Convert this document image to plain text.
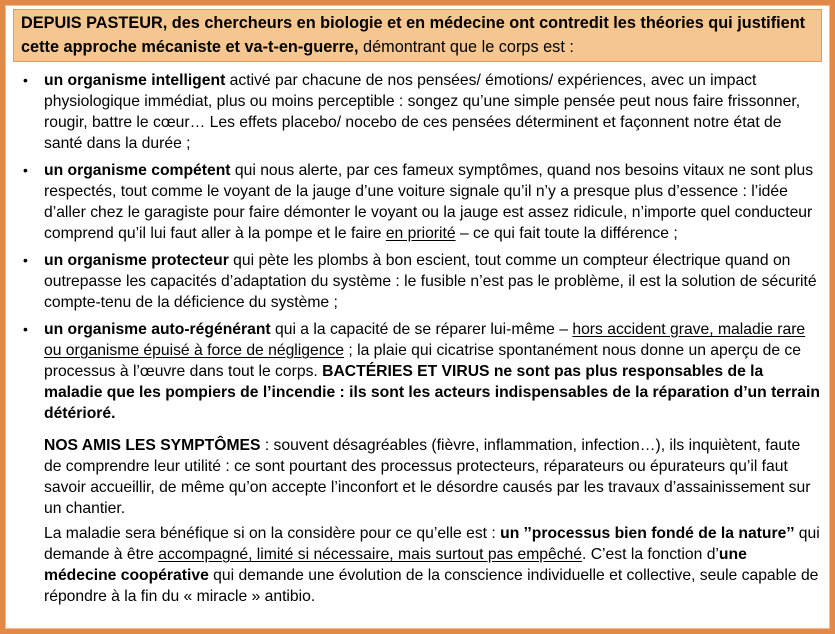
DEPUIS PASTEUR, des chercheurs en biologie et en médecine ont contredit les théories qui justifient cette approche mécaniste et va-t-en-guerre, démontrant que le corps est :

•	un organisme intelligent activé par chacune de nos pensées/ émotions/ expériences, avec un impact physiologique immédiat, plus ou moins perceptible : songez qu’une simple pensée peut nous faire frissonner, rougir, battre le cœur… Les effets placebo/ nocebo de ces pensées déterminent et façonnent notre état de santé dans la durée ;

•	un organisme compétent qui nous alerte, par ces fameux symptômes, quand nos besoins vitaux ne sont plus respectés, tout comme le voyant de la jauge d’une voiture signale qu’il n’y a presque plus d’essence : l’idée d’aller chez le garagiste pour faire démonter le voyant ou la jauge est assez ridicule, n’importe quel conducteur comprend qu’il lui faut aller à la pompe et le faire en priorité – ce qui fait toute la différence ;

•	un organisme protecteur qui pète les plombs à bon escient, tout comme un compteur électrique quand on outrepasse les capacités d’adaptation du système : le fusible n’est pas le problème, il est la solution de sécurité compte-tenu de la déficience du système ;

•	un organisme auto-régénérant qui a la capacité de se réparer lui-même – hors accident grave, maladie rare ou organisme épuisé à force de négligence ; la plaie qui cicatrise spontanément nous donne un aperçu de ce processus à l’œuvre dans tout le corps. BACTÉRIES ET VIRUS ne sont pas plus responsables de la maladie que les pompiers de l’incendie : ils sont les acteurs indispensables de la réparation d’un terrain détérioré.

NOS AMIS LES SYMPTÔMES : souvent désagréables (fièvre, inflammation, infection…), ils inquiètent, faute de comprendre leur utilité : ce sont pourtant des processus protecteurs, réparateurs ou épurateurs qu’il faut savoir accueillir, de même qu’on accepte l’inconfort et le désordre causés par les travaux d’assainissement sur un chantier.

La maladie sera bénéfique si on la considère pour ce qu’elle est : un ’’processus bien fondé de la nature’’ qui demande à être accompagné, limité si nécessaire, mais surtout pas empêché. C’est la fonction d’une médecine coopérative qui demande une évolution de la conscience individuelle et collective, seule capable de répondre à la fin du « miracle » antibio.
